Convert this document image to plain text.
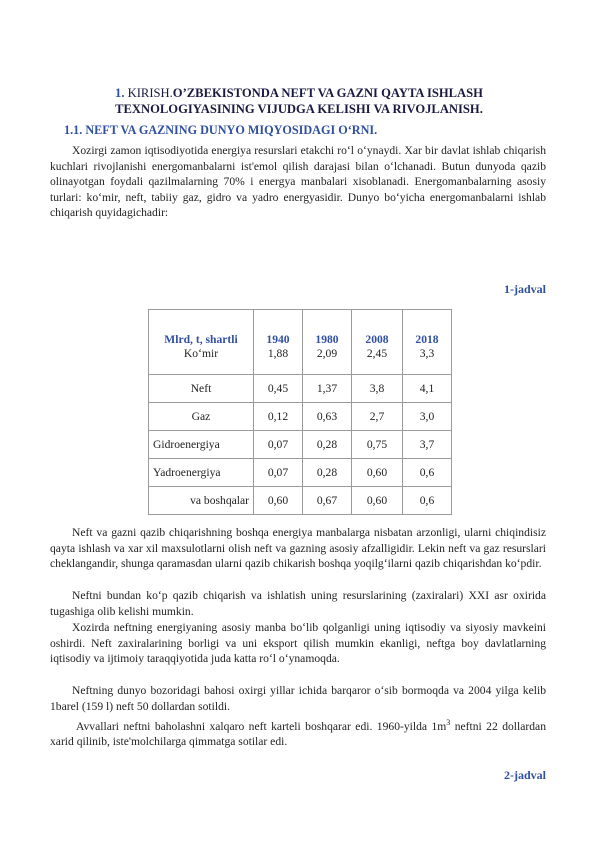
1. KIRISH.O’ZBEKISTONDA NEFT VA GAZNI QAYTA ISHLASH
TEXNOLOGIYASINING VIJUDGA KELISHI VA RIVOJLANISH.
1.1. NEFT VA GAZNING DUNYO MIQYOSIDAGI O‘RNI.
Xozirgi zamon iqtisodiyotida energiya resurslari etakchi ro‘l o‘ynaydi. Xar bir davlat ishlab chiqarish kuchlari rivojlanishi energomanbalarni ist'emol qilish darajasi bilan o‘lchanadi. Butun dunyoda qazib olinayotgan foydali qazilmalarning 70% i energya manbalari xisoblanadi. Energomanbalarning asosiy turlari: ko‘mir, neft, tabiiy gaz, gidro va yadro energyasidir. Dunyo bo‘yicha energomanbalarni ishlab chiqarish quyidagichadir:
1-jadval
Mlrd, t, shartli	1940	1980	2008	2018
Ko‘mir	1,88	2,09	2,45	3,3
Neft	0,45	1,37	3,8	4,1
Gaz	0,12	0,63	2,7	3,0
Gidroenergiya	0,07	0,28	0,75	3,7
Yadroenergiya	0,07	0,28	0,60	0,6
va boshqalar	0,60	0,67	0,60	0,6
Neft va gazni qazib chiqarishning boshqa energiya manbalarga nisbatan arzonligi, ularni chiqindisiz qayta ishlash va xar xil maxsulotlarni olish neft va gazning asosiy afzalligidir. Lekin neft va gaz resurslari cheklangandir, shunga qaramasdan ularni qazib chikarish boshqa yoqilg‘ilarni qazib chiqarishdan ko‘pdir.
Neftni bundan ko‘p qazib chiqarish va ishlatish uning resurslarining (zaxiralari) XXI asr oxirida tugashiga olib kelishi mumkin.
Xozirda neftning energiyaning asosiy manba bo‘lib qolganligi uning iqtisodiy va siyosiy mavkeini oshirdi. Neft zaxiralarining borligi va uni eksport qilish mumkin ekanligi, neftga boy davlatlarning iqtisodiy va ijtimoiy taraqqiyotida juda katta ro‘l o‘ynamoqda.
Neftning dunyo bozoridagi bahosi oxirgi yillar ichida barqaror o‘sib bormoqda va 2004 yilga kelib 1barel (159 l) neft 50 dollardan sotildi.
Avvallari neftni baholashni xalqaro neft karteli boshqarar edi. 1960-yilda $1m^3$ neftni 22 dollardan xarid qilinib, iste'molchilarga qimmatga sotilar edi.
2-jadval
